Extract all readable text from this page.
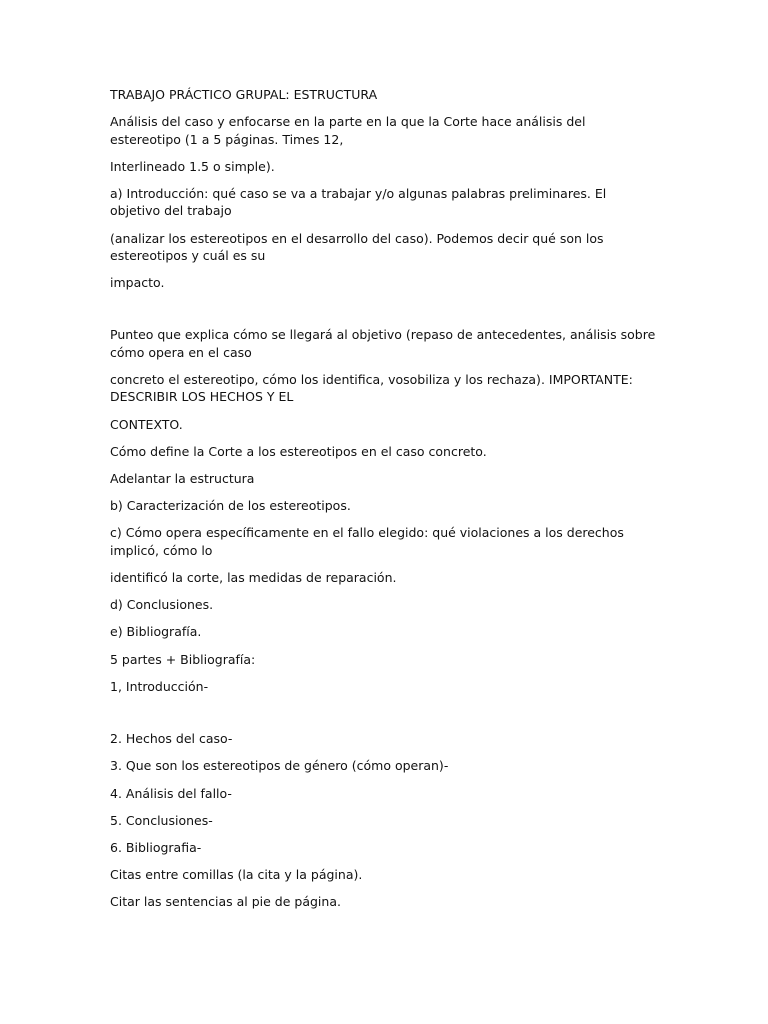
TRABAJO PRÁCTICO GRUPAL: ESTRUCTURA

Análisis del caso y enfocarse en la parte en la que la Corte hace análisis del estereotipo (1 a 5 páginas. Times 12,

Interlineado 1.5 o simple).

a) Introducción: qué caso se va a trabajar y/o algunas palabras preliminares. El objetivo del trabajo

(analizar los estereotipos en el desarrollo del caso). Podemos decir qué son los estereotipos y cuál es su

impacto.

Punteo que explica cómo se llegará al objetivo (repaso de antecedentes, análisis sobre cómo opera en el caso

concreto el estereotipo, cómo los identifica, vosobiliza y los rechaza). IMPORTANTE: DESCRIBIR LOS HECHOS Y EL

CONTEXTO.

Cómo define la Corte a los estereotipos en el caso concreto.

Adelantar la estructura

b) Caracterización de los estereotipos.

c) Cómo opera específicamente en el fallo elegido: qué violaciones a los derechos implicó, cómo lo

identificó la corte, las medidas de reparación.

d) Conclusiones.

e) Bibliografía.

5 partes + Bibliografía:

1, Introducción-

2. Hechos del caso-

3. Que son los estereotipos de género (cómo operan)-

4. Análisis del fallo-

5. Conclusiones-

6. Bibliografia-

Citas entre comillas (la cita y la página).

Citar las sentencias al pie de página.
